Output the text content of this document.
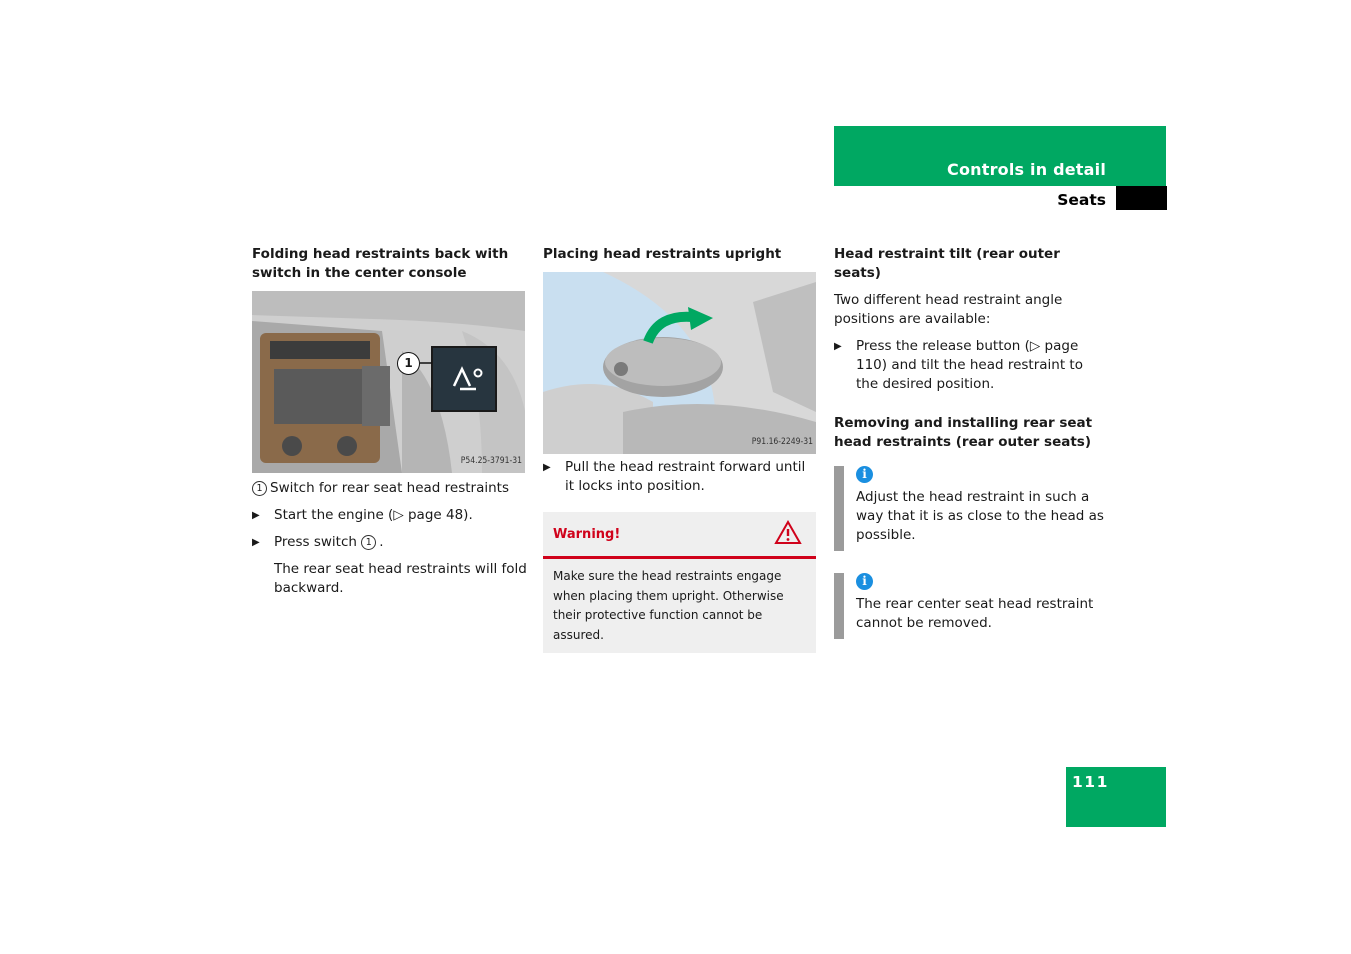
Controls in detail
Seats
Folding head restraints back with switch in the center console
1
P54.25-3791-31

1 Switch for rear seat head restraints

▶ Start the engine (▷ page 48).
▶ Press switch 1 .

The rear seat head restraints will fold backward.

Placing head restraints upright
P91.16-2249-31
▶ Pull the head restraint forward until it locks into position.
Warning!
Make sure the head restraints engage when placing them upright. Otherwise their protective function cannot be assured.
Head restraint tilt (rear outer seats)

Two different head restraint angle positions are available:

▶ Press the release button (▷ page 110) and tilt the head restraint to the desired position.
Removing and installing rear seat head restraints (rear outer seats)
i

Adjust the head restraint in such a way that it is as close to the head as possible.

i

The rear center seat head restraint cannot be removed.

111
